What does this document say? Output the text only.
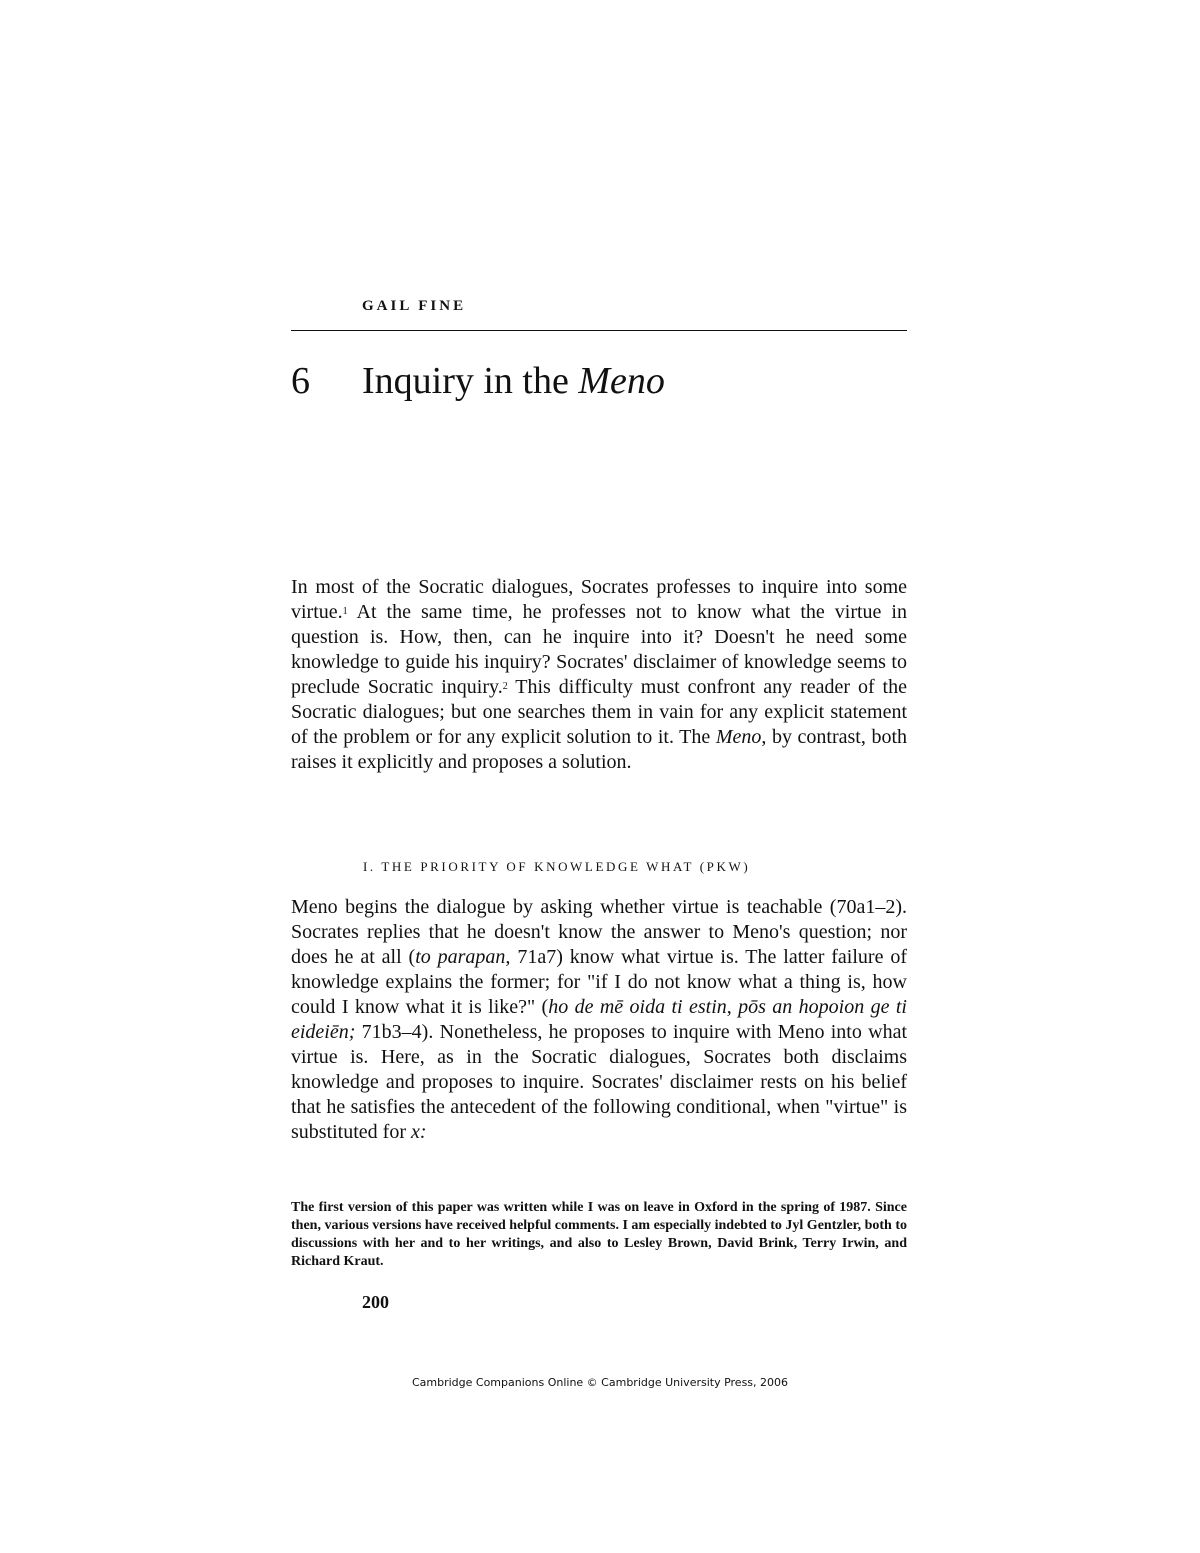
GAIL FINE
6 Inquiry in the Meno

In most of the Socratic dialogues, Socrates professes to inquire into some virtue.$^1$ At the same time, he professes not to know what the virtue in question is. How, then, can he inquire into it? Doesn't he need some knowledge to guide his inquiry? Socrates' disclaimer of knowledge seems to preclude Socratic inquiry.$^2$ This difficulty must confront any reader of the Socratic dialogues; but one searches them in vain for any explicit statement of the problem or for any explicit solution to it. The Meno, by contrast, both raises it explicitly and proposes a solution.

I. THE PRIORITY OF KNOWLEDGE WHAT (PKW)

Meno begins the dialogue by asking whether virtue is teachable (70a1–2). Socrates replies that he doesn't know the answer to Meno's question; nor does he at all (to parapan, 71a7) know what virtue is. The latter failure of knowledge explains the former; for "if I do not know what a thing is, how could I know what it is like?" (ho de mē oida ti estin, pōs an hopoion ge ti eideiēn; 71b3–4). Nonetheless, he proposes to inquire with Meno into what virtue is. Here, as in the Socratic dialogues, Socrates both disclaims knowledge and proposes to inquire. Socrates' disclaimer rests on his belief that he satisfies the antecedent of the following conditional, when "virtue" is substituted for x:

The first version of this paper was written while I was on leave in Oxford in the spring of 1987. Since then, various versions have received helpful comments. I am especially indebted to Jyl Gentzler, both to discussions with her and to her writings, and also to Lesley Brown, David Brink, Terry Irwin, and Richard Kraut.

200
Cambridge Companions Online © Cambridge University Press, 2006
